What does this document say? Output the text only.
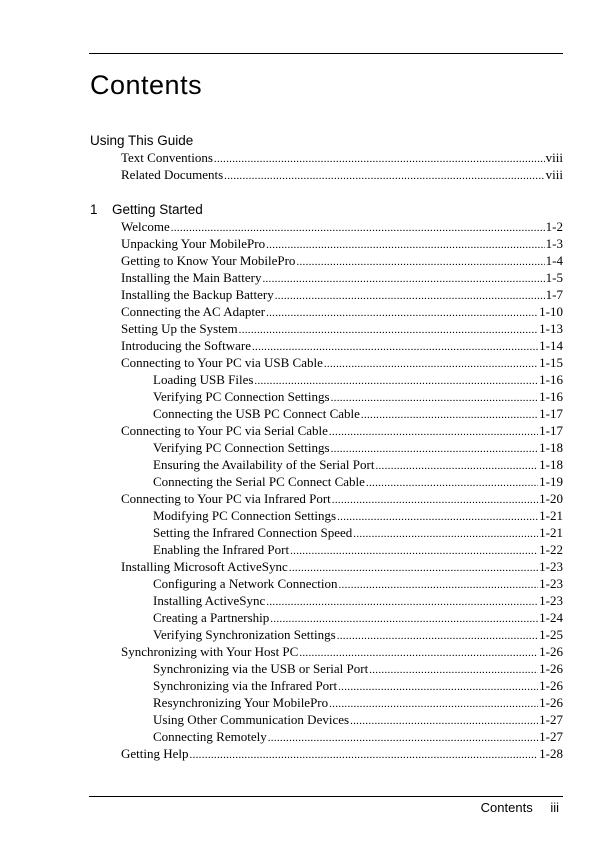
Contents
Using This Guide
Text Conventions .....	viii
Related Documents .....	viii
1 Getting Started
Welcome .....	1-2
Unpacking Your MobilePro .....	1-3
Getting to Know Your MobilePro .....	1-4
Installing the Main Battery .....	1-5
Installing the Backup Battery .....	1-7
Connecting the AC Adapter .....	1-10
Setting Up the System .....	1-13
Introducing the Software .....	1-14
Connecting to Your PC via USB Cable .....	1-15
Loading USB Files .....	1-16
Verifying PC Connection Settings .....	1-16
Connecting the USB PC Connect Cable .....	1-17
Connecting to Your PC via Serial Cable .....	1-17
Verifying PC Connection Settings .....	1-18
Ensuring the Availability of the Serial Port .....	1-18
Connecting the Serial PC Connect Cable .....	1-19
Connecting to Your PC via Infrared Port .....	1-20
Modifying PC Connection Settings .....	1-21
Setting the Infrared Connection Speed .....	1-21
Enabling the Infrared Port .....	1-22
Installing Microsoft ActiveSync .....	1-23
Configuring a Network Connection .....	1-23
Installing ActiveSync .....	1-23
Creating a Partnership .....	1-24
Verifying Synchronization Settings .....	1-25
Synchronizing with Your Host PC .....	1-26
Synchronizing via the USB or Serial Port .....	1-26
Synchronizing via the Infrared Port .....	1-26
Resynchronizing Your MobilePro .....	1-26
Using Other Communication Devices .....	1-27
Connecting Remotely .....	1-27
Getting Help .....	1-28
Contents iii
